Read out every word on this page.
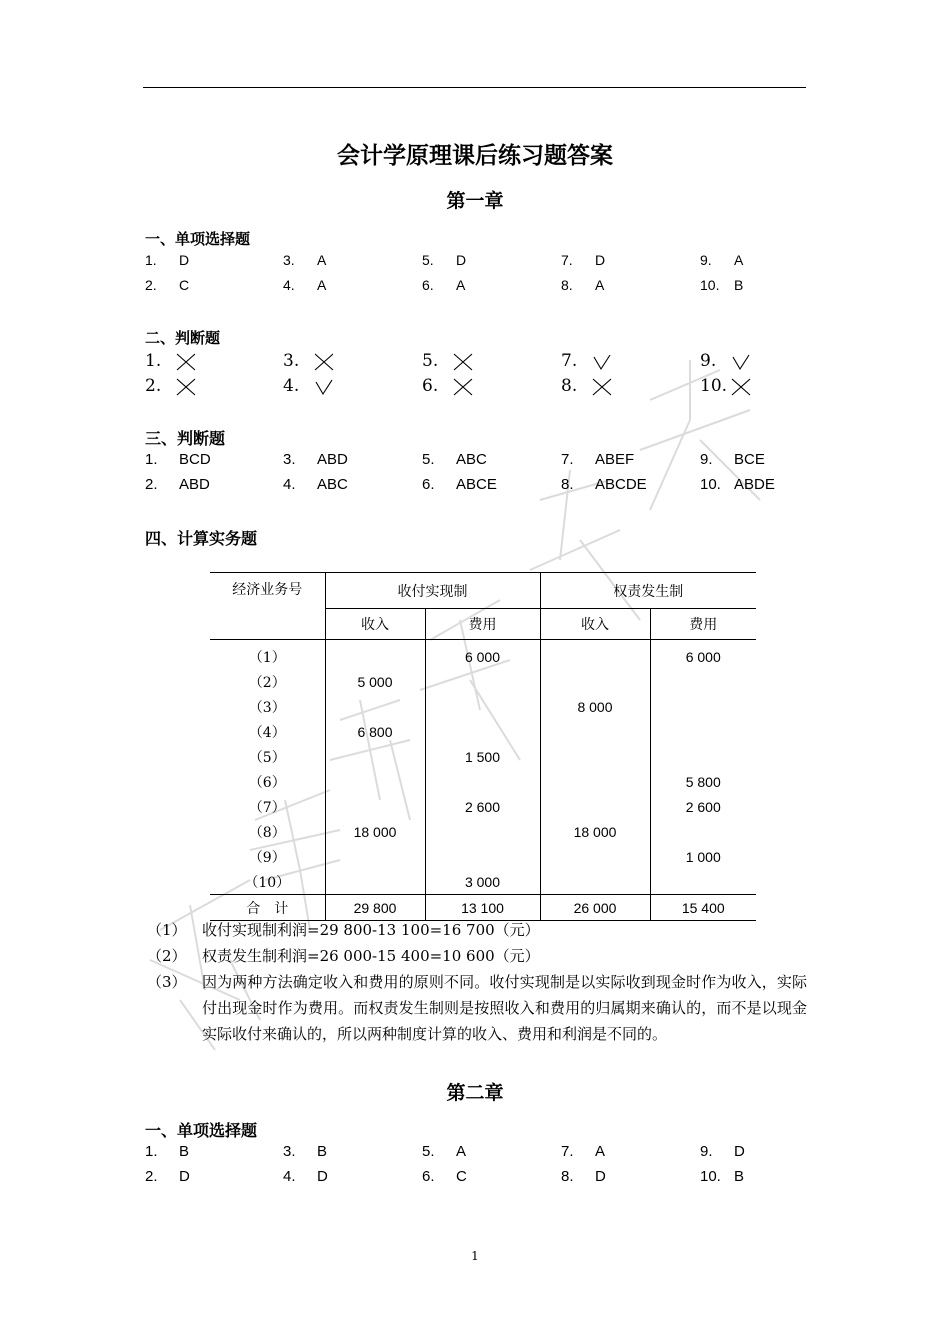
会计学原理课后练习题答案
第一章
一、单项选择题
1. D	3. A	5. D	7. D	9. A
2. C	4. A	6. A	8. A	10. B
二、判断题
1.	3.	5.	7.	9.
2.	4.	6.	8.	10.
三、判断题
1. BCD	3. ABD	5. ABC	7. ABEF	9. BCE
2. ABD	4. ABC	6. ABCE	8. ABCDE	10. ABDE
四、计算实务题
经济业务号	收付实现制		权责发生制	
	收入	费用	收入	费用
（1）		6 000		6 000
（2）	5 000			
（3）			8 000	
（4）	6 800			
（5）		1 500		
（6）				5 800
（7）		2 600		2 600
（8）	18 000		18 000	
（9）				1 000
（10）		3 000		
合　计	29 800	13 100	26 000	15 400
（1） 收付实现制利润=29 800-13 100=16 700（元）
（2） 权责发生制利润=26 000-15 400=10 600（元）
（3） 因为两种方法确定收入和费用的原则不同。收付实现制是以实际收到现金时作为收入，实际付出现金时作为费用。而权责发生制则是按照收入和费用的归属期来确认的，而不是以现金实际收付来确认的，所以两种制度计算的收入、费用和利润是不同的。
第二章
一、单项选择题
1. B	3. B	5. A	7. A	9. D
2. D	4. D	6. C	8. D	10. B
1
